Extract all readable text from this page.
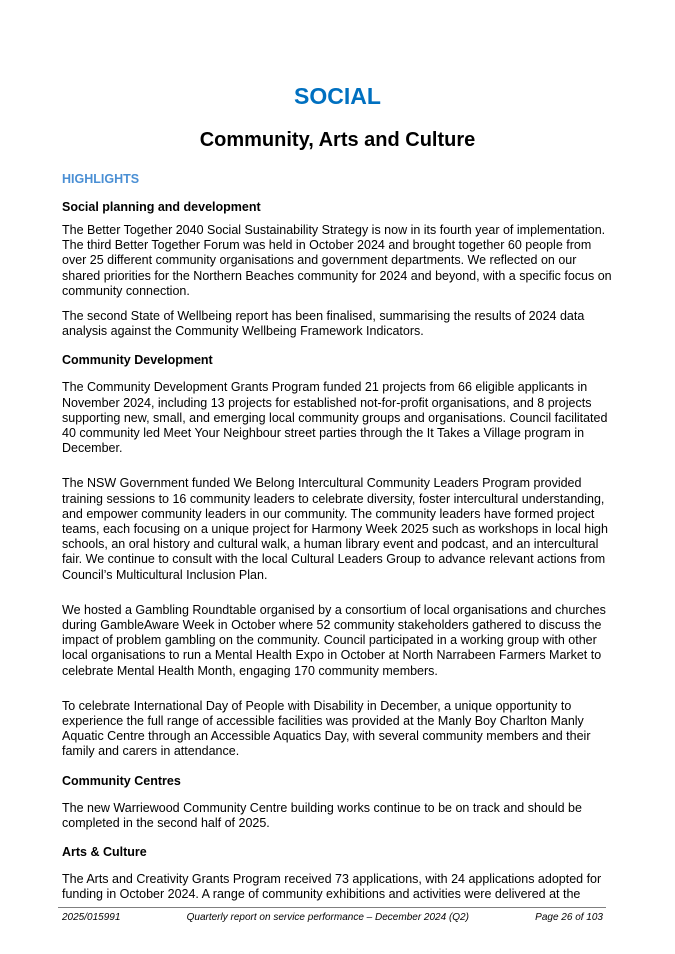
SOCIAL
Community, Arts and Culture
HIGHLIGHTS
Social planning and development

The Better Together 2040 Social Sustainability Strategy is now in its fourth year of implementation. The third Better Together Forum was held in October 2024 and brought together 60 people from over 25 different community organisations and government departments. We reflected on our shared priorities for the Northern Beaches community for 2024 and beyond, with a specific focus on community connection.

The second State of Wellbeing report has been finalised, summarising the results of 2024 data analysis against the Community Wellbeing Framework Indicators.

Community Development

The Community Development Grants Program funded 21 projects from 66 eligible applicants in November 2024, including 13 projects for established not-for-profit organisations, and 8 projects supporting new, small, and emerging local community groups and organisations. Council facilitated 40 community led Meet Your Neighbour street parties through the It Takes a Village program in December.

The NSW Government funded We Belong Intercultural Community Leaders Program provided training sessions to 16 community leaders to celebrate diversity, foster intercultural understanding, and empower community leaders in our community. The community leaders have formed project teams, each focusing on a unique project for Harmony Week 2025 such as workshops in local high schools, an oral history and cultural walk, a human library event and podcast, and an intercultural fair. We continue to consult with the local Cultural Leaders Group to advance relevant actions from Council’s Multicultural Inclusion Plan.

We hosted a Gambling Roundtable organised by a consortium of local organisations and churches during GambleAware Week in October where 52 community stakeholders gathered to discuss the impact of problem gambling on the community. Council participated in a working group with other local organisations to run a Mental Health Expo in October at North Narrabeen Farmers Market to celebrate Mental Health Month, engaging 170 community members.

To celebrate International Day of People with Disability in December, a unique opportunity to experience the full range of accessible facilities was provided at the Manly Boy Charlton Manly Aquatic Centre through an Accessible Aquatics Day, with several community members and their family and carers in attendance.

Community Centres

The new Warriewood Community Centre building works continue to be on track and should be completed in the second half of 2025.

Arts & Culture

The Arts and Creativity Grants Program received 73 applications, with 24 applications adopted for funding in October 2024. A range of community exhibitions and activities were delivered at the

2025/015991	Quarterly report on service performance – December 2024 (Q2)	Page 26 of 103
